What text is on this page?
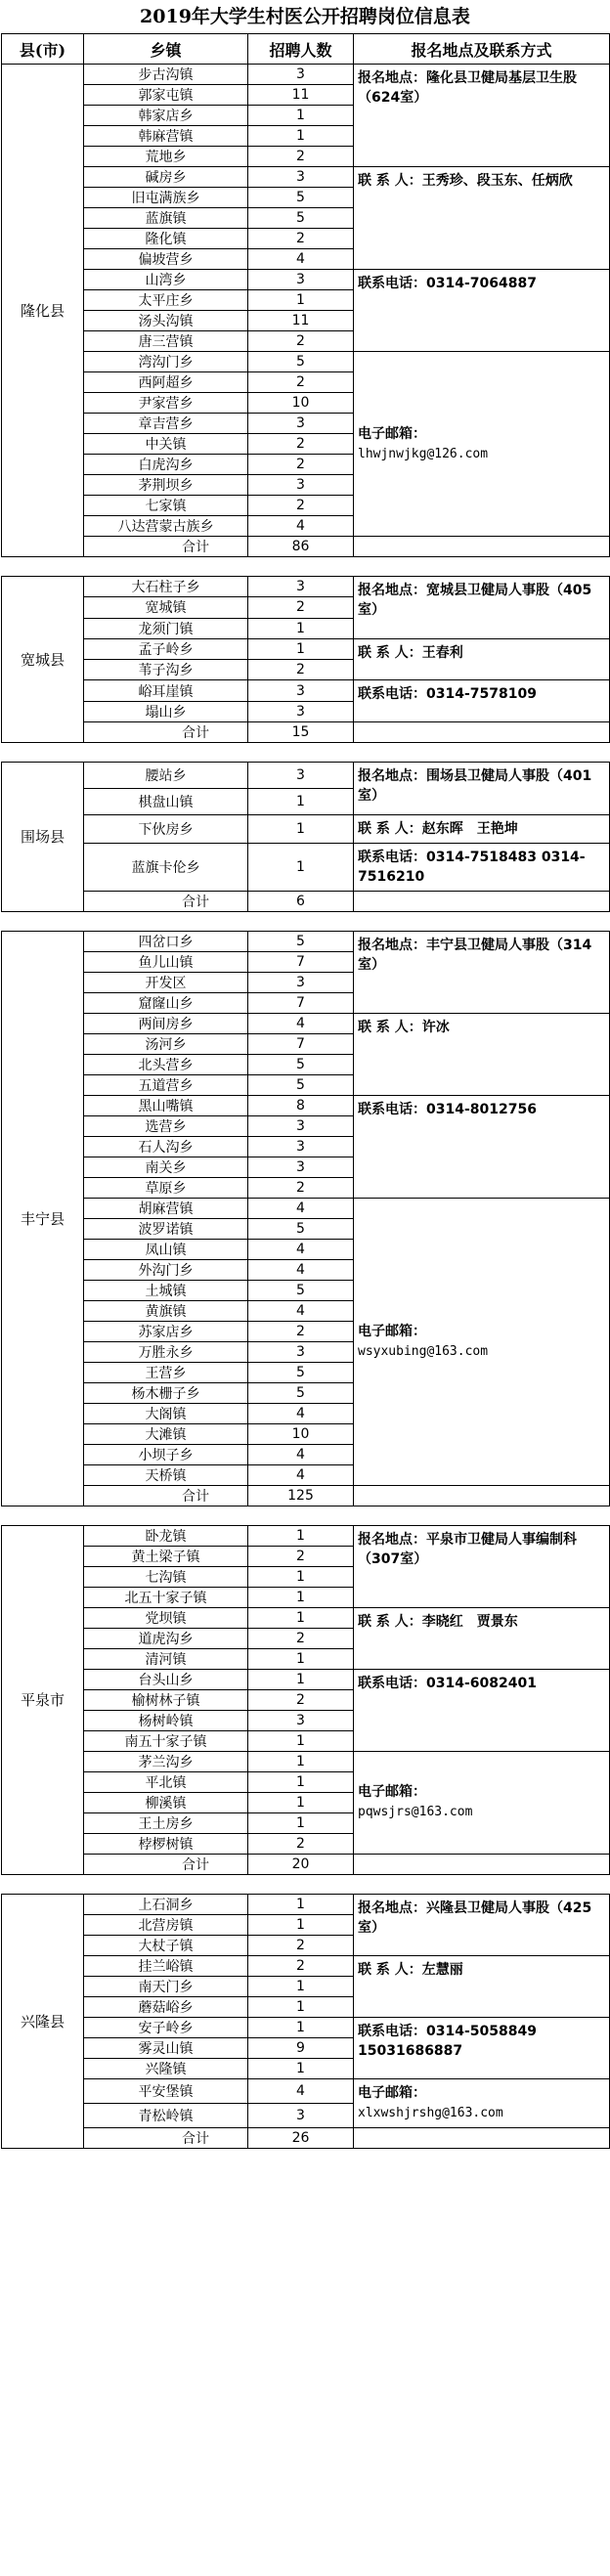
2019年大学生村医公开招聘岗位信息表
县(市)	乡镇	招聘人数	报名地点及联系方式
隆化县	步古沟镇	3	报名地点：隆化县卫健局基层卫生股（624室）

	郭家屯镇	11	
	韩家店乡	1	
	韩麻营镇	1	
	荒地乡	2	
	碱房乡	3	联 系 人：王秀珍、段玉东、任炳欣

	旧屯满族乡	5	
	蓝旗镇	5	
	隆化镇	2	
	偏坡营乡	4	
	山湾乡	3	联系电话：0314-7064887

	太平庄乡	1	
	汤头沟镇	11	
	唐三营镇	2	
	湾沟门乡	5	电子邮箱：
lhwjnwjkg@126.com

	西阿超乡	2	
	尹家营乡	10	
	章吉营乡	3	
	中关镇	2	
	白虎沟乡	2	
	茅荆坝乡	3	
	七家镇	2	
	八达营蒙古族乡	4	
	合计	86	

宽城县	大石柱子乡	3	报名地点：宽城县卫健局人事股（405室）

	宽城镇	2	
	龙须门镇	1	
	孟子岭乡	1	联 系 人：王春利

	苇子沟乡	2	
	峪耳崖镇	3	联系电话：0314-7578109

	塌山乡	3	
	合计	15	

围场县	腰站乡	3	报名地点：围场县卫健局人事股（401室）

	棋盘山镇	1	
	下伙房乡	1	联 系 人：赵东晖　王艳坤

	蓝旗卡伦乡	1	联系电话：0314-7518483 0314-7516210

	合计	6	

丰宁县	四岔口乡	5	报名地点：丰宁县卫健局人事股（314室）

	鱼儿山镇	7	
	开发区	3	
	窟窿山乡	7	
	两间房乡	4	联 系 人：许冰

	汤河乡	7	
	北头营乡	5	
	五道营乡	5	
	黑山嘴镇	8	联系电话：0314-8012756

	选营乡	3	
	石人沟乡	3	
	南关乡	3	
	草原乡	2	
	胡麻营镇	4	电子邮箱：
wsyxubing@163.com

	波罗诺镇	5	
	凤山镇	4	
	外沟门乡	4	
	土城镇	5	
	黄旗镇	4	
	苏家店乡	2	
	万胜永乡	3	
	王营乡	5	
	杨木栅子乡	5	
	大阁镇	4	
	大滩镇	10	
	小坝子乡	4	
	天桥镇	4	
	合计	125	

平泉市	卧龙镇	1	报名地点：平泉市卫健局人事编制科（307室）

	黄土梁子镇	2	
	七沟镇	1	
	北五十家子镇	1	
	党坝镇	1	联 系 人：李晓红　贾景东

	道虎沟乡	2	
	清河镇	1	
	台头山乡	1	联系电话：0314-6082401

	榆树林子镇	2	
	杨树岭镇	3	
	南五十家子镇	1	
	茅兰沟乡	1	电子邮箱：
pqwsjrs@163.com

	平北镇	1	
	柳溪镇	1	
	王土房乡	1	
	桲椤树镇	2	
	合计	20	

兴隆县	上石洞乡	1	报名地点：兴隆县卫健局人事股（425室）

	北营房镇	1	
	大杖子镇	2	
	挂兰峪镇	2	联 系 人：左慧丽

	南天门乡	1	
	蘑菇峪乡	1	
	安子岭乡	1	联系电话：0314-5058849 15031686887

	雾灵山镇	9	
	兴隆镇	1	
	平安堡镇	4	电子邮箱：
xlxwshjrshg@163.com

	青松岭镇	3	
	合计	26	
